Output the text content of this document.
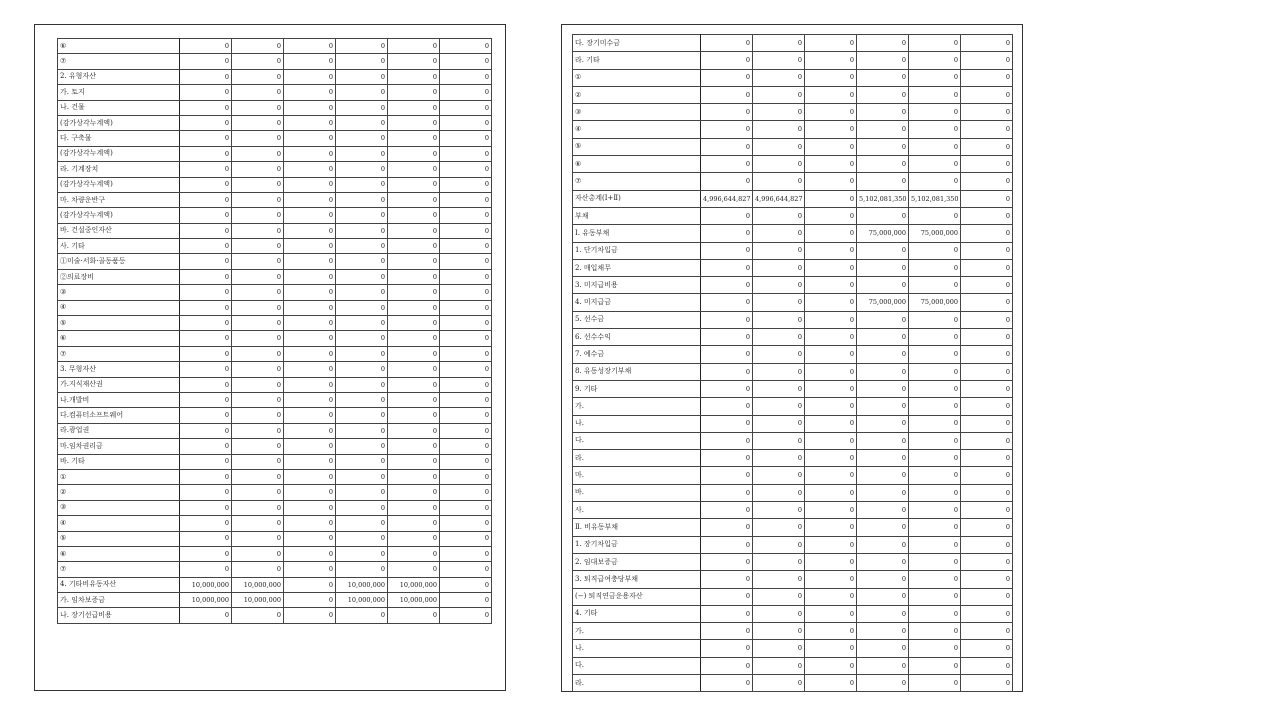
⑥	0	0	0	0	0	0
⑦	0	0	0	0	0	0
2. 유형자산	0	0	0	0	0	0
가. 토지	0	0	0	0	0	0
나. 건물	0	0	0	0	0	0
(감가상각누계액)	0	0	0	0	0	0
다. 구축물	0	0	0	0	0	0
(감가상각누계액)	0	0	0	0	0	0
라. 기계장치	0	0	0	0	0	0
(감가상각누계액)	0	0	0	0	0	0
마. 차량운반구	0	0	0	0	0	0
(감가상각누계액)	0	0	0	0	0	0
바. 건설중인자산	0	0	0	0	0	0
사. 기타	0	0	0	0	0	0
①미술·서화·골동품등	0	0	0	0	0	0
②의료장비	0	0	0	0	0	0
③	0	0	0	0	0	0
④	0	0	0	0	0	0
⑤	0	0	0	0	0	0
⑥	0	0	0	0	0	0
⑦	0	0	0	0	0	0
3. 무형자산	0	0	0	0	0	0
가.지식재산권	0	0	0	0	0	0
나.개발비	0	0	0	0	0	0
다.컴퓨터소프트웨어	0	0	0	0	0	0
라.광업권	0	0	0	0	0	0
마.임차권리금	0	0	0	0	0	0
바. 기타	0	0	0	0	0	0
①	0	0	0	0	0	0
②	0	0	0	0	0	0
③	0	0	0	0	0	0
④	0	0	0	0	0	0
⑤	0	0	0	0	0	0
⑥	0	0	0	0	0	0
⑦	0	0	0	0	0	0
4. 기타비유동자산	10,000,000	10,000,000	0	10,000,000	10,000,000	0
가. 임차보증금	10,000,000	10,000,000	0	10,000,000	10,000,000	0
나. 장기선급비용	0	0	0	0	0	0
다. 장기미수금	0	0	0	0	0	0
라. 기타	0	0	0	0	0	0
①	0	0	0	0	0	0
②	0	0	0	0	0	0
③	0	0	0	0	0	0
④	0	0	0	0	0	0
⑤	0	0	0	0	0	0
⑥	0	0	0	0	0	0
⑦	0	0	0	0	0	0
자산총계(Ⅰ+Ⅱ)	4,996,644,827	4,996,644,827	0	5,102,081,350	5,102,081,350	0
부채	0	0	0	0	0	0
Ⅰ. 유동부채	0	0	0	75,000,000	75,000,000	0
1. 단기차입금	0	0	0	0	0	0
2. 매입채무	0	0	0	0	0	0
3. 미지급비용	0	0	0	0	0	0
4. 미지급금	0	0	0	75,000,000	75,000,000	0
5. 선수금	0	0	0	0	0	0
6. 선수수익	0	0	0	0	0	0
7. 예수금	0	0	0	0	0	0
8. 유동성장기부채	0	0	0	0	0	0
9. 기타	0	0	0	0	0	0
가.	0	0	0	0	0	0
나.	0	0	0	0	0	0
다.	0	0	0	0	0	0
라.	0	0	0	0	0	0
마.	0	0	0	0	0	0
바.	0	0	0	0	0	0
사.	0	0	0	0	0	0
Ⅱ. 비유동부채	0	0	0	0	0	0
1. 장기차입금	0	0	0	0	0	0
2. 임대보증금	0	0	0	0	0	0
3. 퇴직급여충당부채	0	0	0	0	0	0
(−) 퇴직연금운용자산	0	0	0	0	0	0
4. 기타	0	0	0	0	0	0
가.	0	0	0	0	0	0
나.	0	0	0	0	0	0
다.	0	0	0	0	0	0
라.	0	0	0	0	0	0
